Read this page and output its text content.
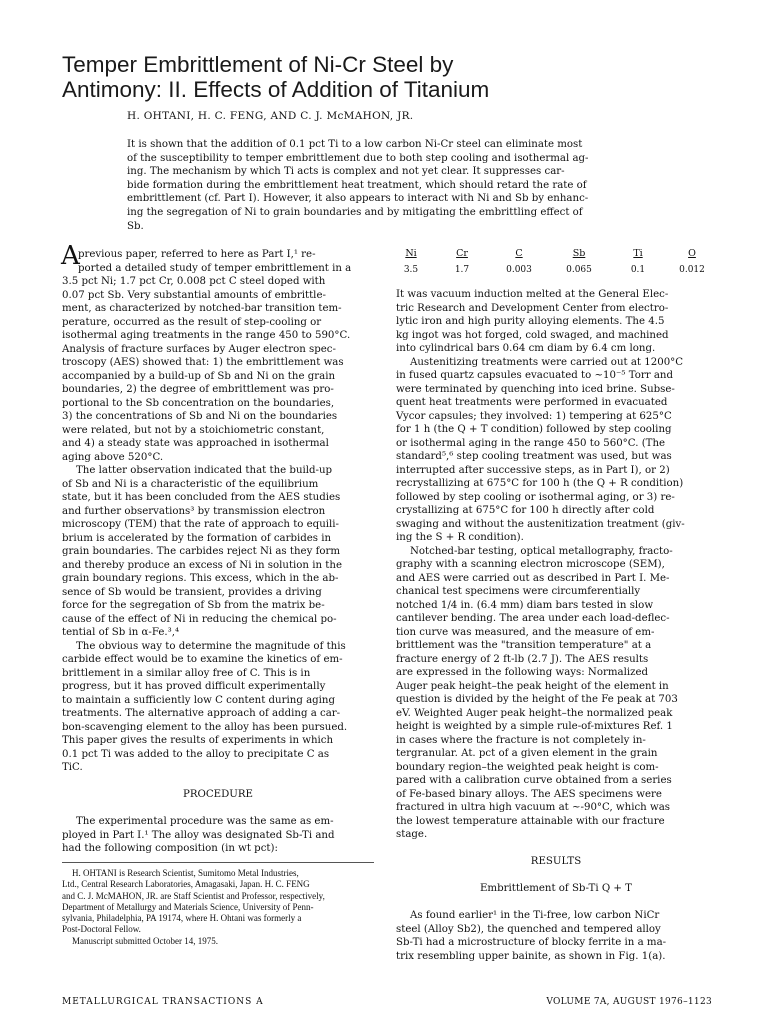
Temper Embrittlement of Ni-Cr Steel by
Antimony: II. Effects of Addition of Titanium
H. OHTANI, H. C. FENG, AND C. J. McMAHON, JR.
It is shown that the addition of 0.1 pct Ti to a low carbon Ni-Cr steel can eliminate most
of the susceptibility to temper embrittlement due to both step cooling and isothermal ag-
ing. The mechanism by which Ti acts is complex and not yet clear. It suppresses car-
bide formation during the embrittlement heat treatment, which should retard the rate of
embrittlement (cf. Part I). However, it also appears to interact with Ni and Sb by enhanc-
ing the segregation of Ni to grain boundaries and by mitigating the embrittling effect of
Sb.
A
previous paper, referred to here as Part I,¹ re-
ported a detailed study of temper embrittlement in a
3.5 pct Ni; 1.7 pct Cr, 0.008 pct C steel doped with
0.07 pct Sb. Very substantial amounts of embrittle-
ment, as characterized by notched-bar transition tem-
perature, occurred as the result of step-cooling or
isothermal aging treatments in the range 450 to 590°C.
Analysis of fracture surfaces by Auger electron spec-
troscopy (AES) showed that: 1) the embrittlement was
accompanied by a build-up of Sb and Ni on the grain
boundaries, 2) the degree of embrittlement was pro-
portional to the Sb concentration on the boundaries,
3) the concentrations of Sb and Ni on the boundaries
were related, but not by a stoichiometric constant,
and 4) a steady state was approached in isothermal
aging above 520°C.
The latter observation indicated that the build-up
of Sb and Ni is a characteristic of the equilibrium
state, but it has been concluded from the AES studies
and further observations³ by transmission electron
microscopy (TEM) that the rate of approach to equili-
brium is accelerated by the formation of carbides in
grain boundaries. The carbides reject Ni as they form
and thereby produce an excess of Ni in solution in the
grain boundary regions. This excess, which in the ab-
sence of Sb would be transient, provides a driving
force for the segregation of Sb from the matrix be-
cause of the effect of Ni in reducing the chemical po-
tential of Sb in α-Fe.³,⁴
The obvious way to determine the magnitude of this
carbide effect would be to examine the kinetics of em-
brittlement in a similar alloy free of C. This is in
progress, but it has proved difficult experimentally
to maintain a sufficiently low C content during aging
treatments. The alternative approach of adding a car-
bon-scavenging element to the alloy has been pursued.
This paper gives the results of experiments in which
0.1 pct Ti was added to the alloy to precipitate C as
TiC.
PROCEDURE
The experimental procedure was the same as em-
ployed in Part I.¹ The alloy was designated Sb-Ti and
had the following composition (in wt pct):
Ni
3.5
Cr
1.7
C
0.003
Sb
0.065
Ti
0.1
O
0.012
It was vacuum induction melted at the General Elec-
tric Research and Development Center from electro-
lytic iron and high purity alloying elements. The 4.5
kg ingot was hot forged, cold swaged, and machined
into cylindrical bars 0.64 cm diam by 6.4 cm long.
Austenitizing treatments were carried out at 1200°C
in fused quartz capsules evacuated to ~10⁻⁵ Torr and
were terminated by quenching into iced brine. Subse-
quent heat treatments were performed in evacuated
Vycor capsules; they involved: 1) tempering at 625°C
for 1 h (the Q + T condition) followed by step cooling
or isothermal aging in the range 450 to 560°C. (The
standard⁵,⁶ step cooling treatment was used, but was
interrupted after successive steps, as in Part I), or 2)
recrystallizing at 675°C for 100 h (the Q + R condition)
followed by step cooling or isothermal aging, or 3) re-
crystallizing at 675°C for 100 h directly after cold
swaging and without the austenitization treatment (giv-
ing the S + R condition).
Notched-bar testing, optical metallography, fracto-
graphy with a scanning electron microscope (SEM),
and AES were carried out as described in Part I. Me-
chanical test specimens were circumferentially
notched 1/4 in. (6.4 mm) diam bars tested in slow
cantilever bending. The area under each load-deflec-
tion curve was measured, and the measure of em-
brittlement was the "transition temperature" at a
fracture energy of 2 ft-lb (2.7 J). The AES results
are expressed in the following ways: Normalized
Auger peak height–the peak height of the element in
question is divided by the height of the Fe peak at 703
eV. Weighted Auger peak height–the normalized peak
height is weighted by a simple rule-of-mixtures Ref. 1
in cases where the fracture is not completely in-
tergranular. At. pct of a given element in the grain
boundary region–the weighted peak height is com-
pared with a calibration curve obtained from a series
of Fe-based binary alloys. The AES specimens were
fractured in ultra high vacuum at ~-90°C, which was
the lowest temperature attainable with our fracture
stage.
RESULTS
Embrittlement of Sb-Ti Q + T
As found earlier¹ in the Ti-free, low carbon NiCr
steel (Alloy Sb2), the quenched and tempered alloy
Sb-Ti had a microstructure of blocky ferrite in a ma-
trix resembling upper bainite, as shown in Fig. 1(a).
H. OHTANI is Research Scientist, Sumitomo Metal Industries,
Ltd., Central Research Laboratories, Amagasaki, Japan. H. C. FENG
and C. J. McMAHON, JR. are Staff Scientist and Professor, respectively,
Department of Metallurgy and Materials Science, University of Penn-
sylvania, Philadelphia, PA 19174, where H. Ohtani was formerly a
Post-Doctoral Fellow.
Manuscript submitted October 14, 1975.
METALLURGICAL TRANSACTIONS A	VOLUME 7A, AUGUST 1976–1123
